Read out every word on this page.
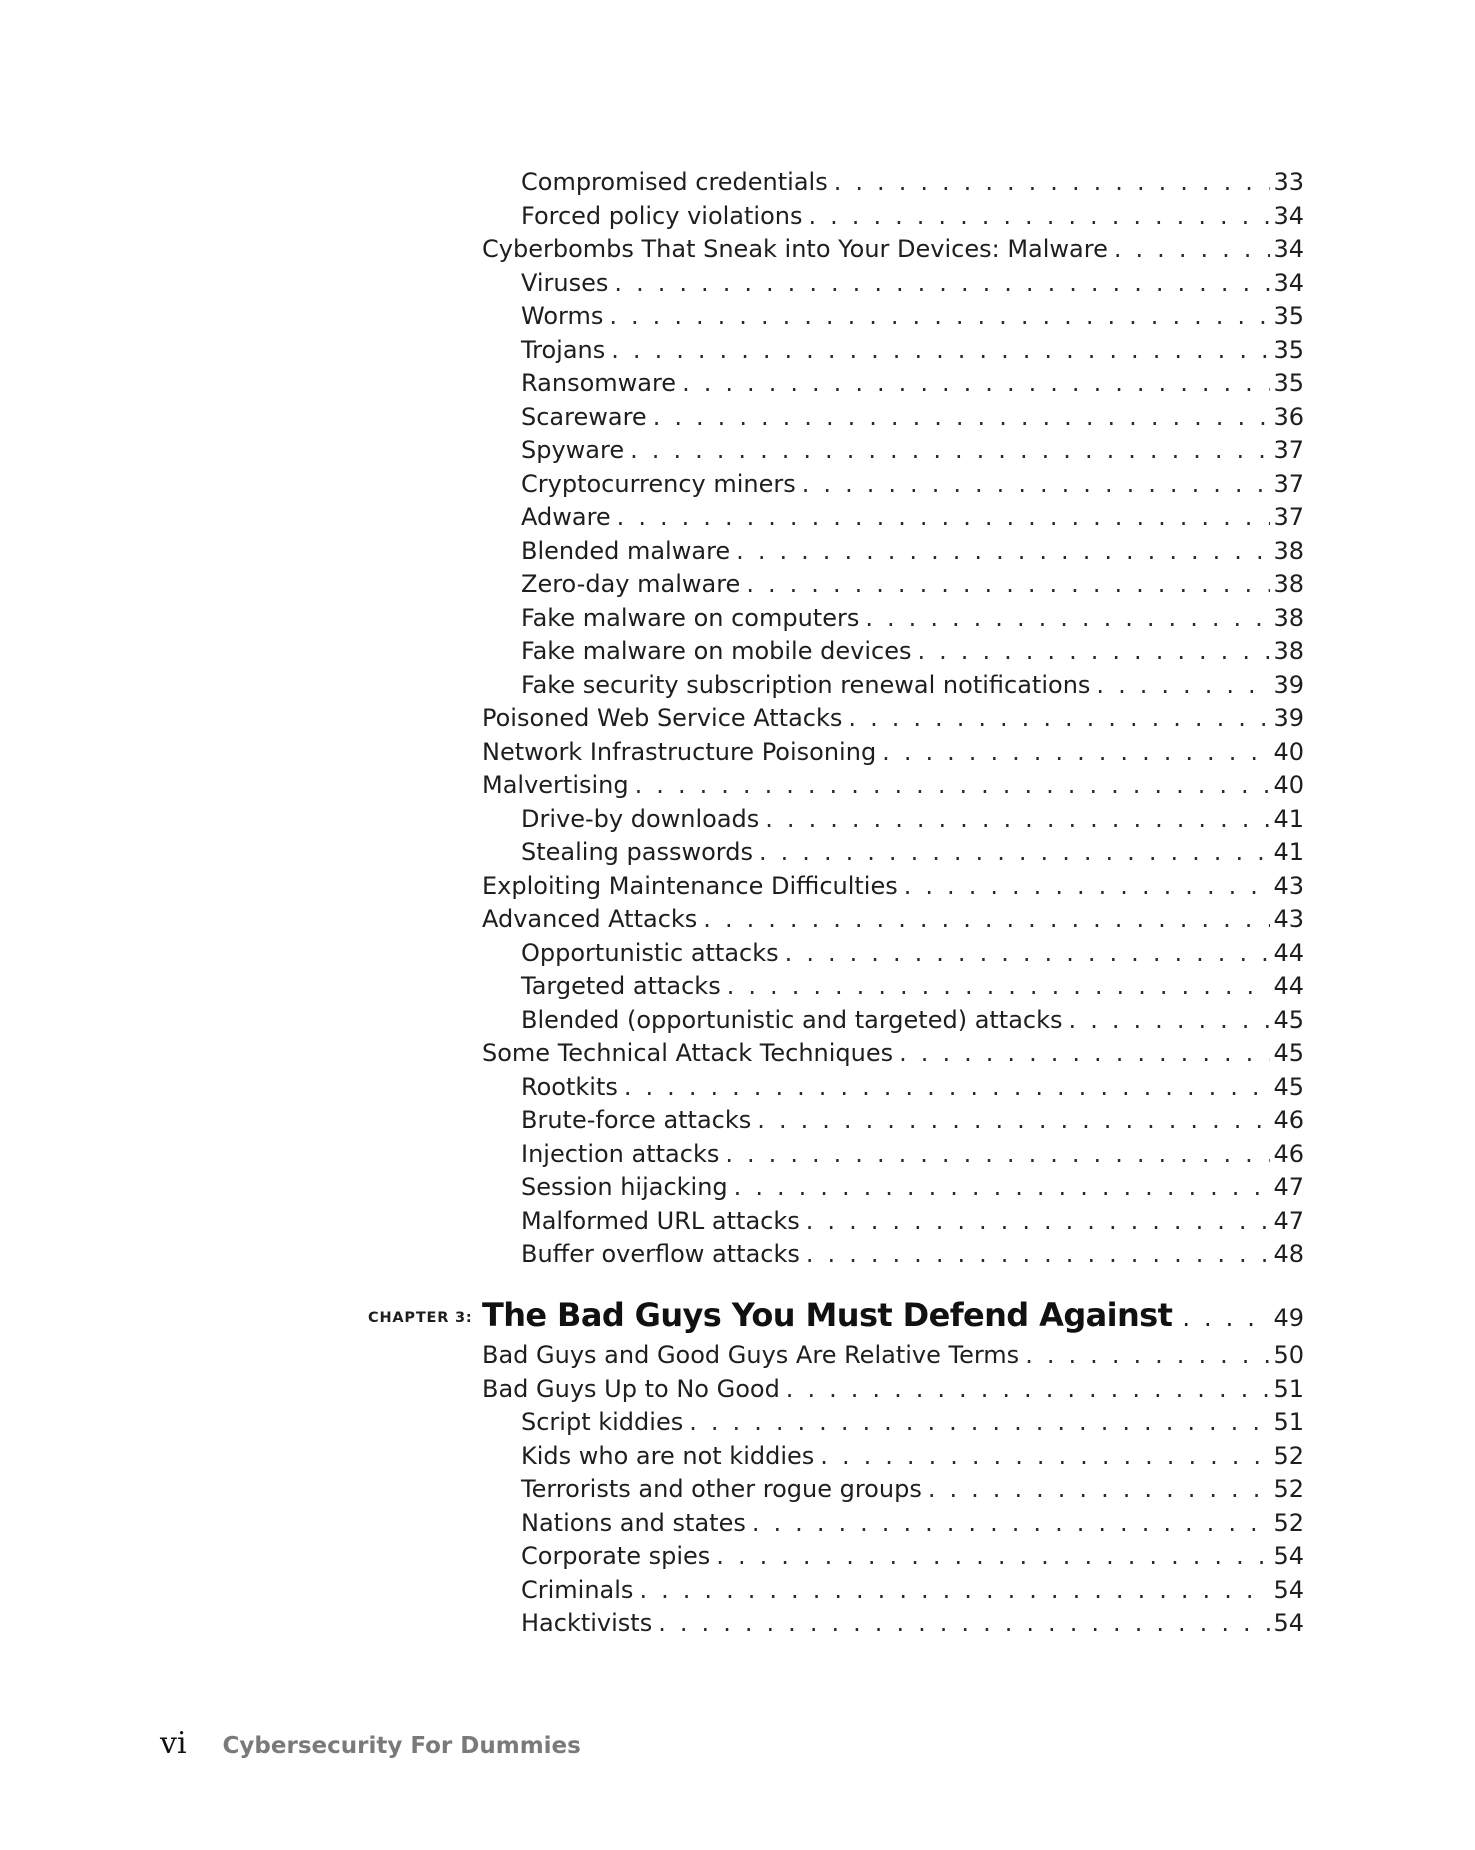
Compromised credentials . . .	33
Forced policy violations . . .	34
Cyberbombs That Sneak into Your Devices: Malware . . .	34
Viruses . . .	34
Worms . . .	35
Trojans . . .	35
Ransomware . . .	35
Scareware . . .	36
Spyware . . .	37
Cryptocurrency miners . . .	37
Adware . . .	37
Blended malware . . .	38
Zero-day malware . . .	38
Fake malware on computers . . .	38
Fake malware on mobile devices . . .	38
Fake security subscription renewal notifications . . .	39
Poisoned Web Service Attacks . . .	39
Network Infrastructure Poisoning . . .	40
Malvertising . . .	40
Drive-by downloads . . .	41
Stealing passwords . . .	41
Exploiting Maintenance Difficulties . . .	43
Advanced Attacks . . .	43
Opportunistic attacks . . .	44
Targeted attacks . . .	44
Blended (opportunistic and targeted) attacks . . .	45
Some Technical Attack Techniques . . .	45
Rootkits . . .	45
Brute-force attacks . . .	46
Injection attacks . . .	46
Session hijacking . . .	47
Malformed URL attacks . . .	47
Buffer overflow attacks . . .	48
CHAPTER 3: The Bad Guys You Must Defend Against . . .	49
Bad Guys and Good Guys Are Relative Terms . . .	50
Bad Guys Up to No Good . . .	51
Script kiddies . . .	51
Kids who are not kiddies . . .	52
Terrorists and other rogue groups . . .	52
Nations and states . . .	52
Corporate spies . . .	54
Criminals . . .	54
Hacktivists . . .	54
vi Cybersecurity For Dummies
